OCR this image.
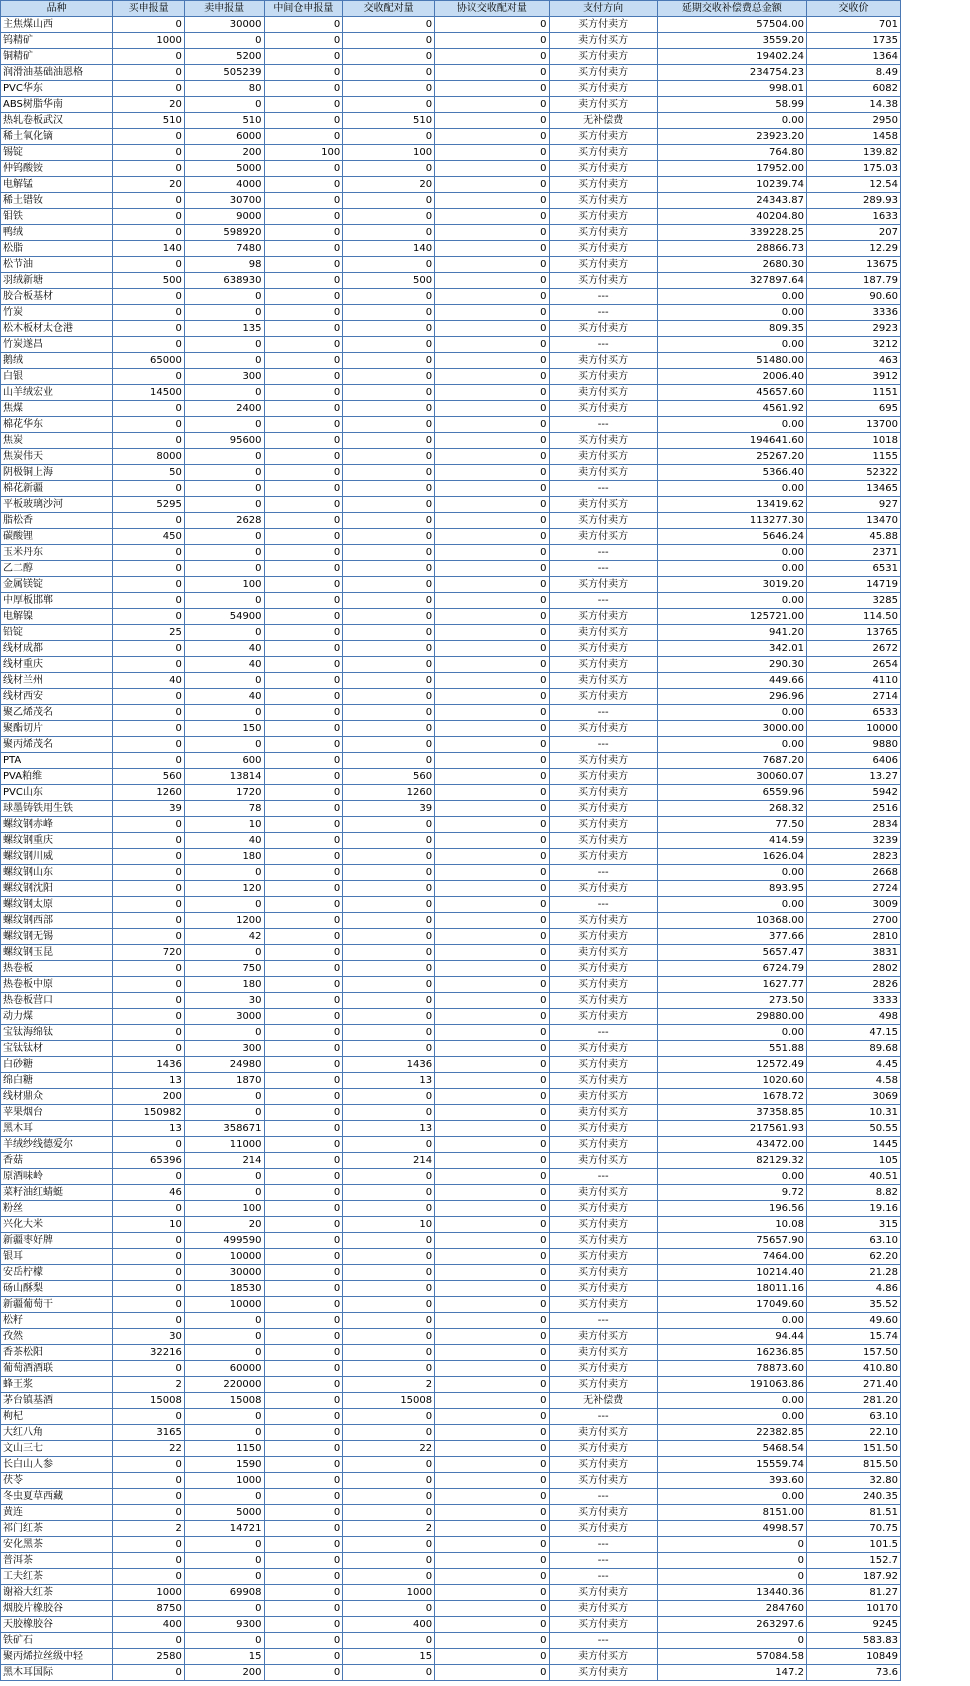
品种	买申报量	卖申报量	中间仓申报量	交收配对量	协议交收配对量	支付方向	延期交收补偿费总金额	交收价
主焦煤山西	0	30000	0	0	0	买方付卖方	57504.00	701
钨精矿	1000	0	0	0	0	卖方付买方	3559.20	1735
铜精矿	0	5200	0	0	0	买方付卖方	19402.24	1364
润滑油基础油恩格	0	505239	0	0	0	买方付卖方	234754.23	8.49
PVC华东	0	80	0	0	0	买方付卖方	998.01	6082
ABS树脂华南	20	0	0	0	0	卖方付买方	58.99	14.38
热轧卷板武汉	510	510	0	510	0	无补偿费	0.00	2950
稀土氧化镝	0	6000	0	0	0	买方付卖方	23923.20	1458
锡锭	0	200	100	100	0	买方付卖方	764.80	139.82
仲钨酸铵	0	5000	0	0	0	买方付卖方	17952.00	175.03
电解锰	20	4000	0	20	0	买方付卖方	10239.74	12.54
稀土镨钕	0	30700	0	0	0	买方付卖方	24343.87	289.93
钼铁	0	9000	0	0	0	买方付卖方	40204.80	1633
鸭绒	0	598920	0	0	0	买方付卖方	339228.25	207
松脂	140	7480	0	140	0	买方付卖方	28866.73	12.29
松节油	0	98	0	0	0	买方付卖方	2680.30	13675
羽绒新塘	500	638930	0	500	0	买方付卖方	327897.64	187.79
胶合板基材	0	0	0	0	0	---	0.00	90.60
竹炭	0	0	0	0	0	---	0.00	3336
松木板材太仓港	0	135	0	0	0	买方付卖方	809.35	2923
竹炭遂昌	0	0	0	0	0	---	0.00	3212
鹅绒	65000	0	0	0	0	卖方付买方	51480.00	463
白银	0	300	0	0	0	买方付卖方	2006.40	3912
山羊绒宏业	14500	0	0	0	0	卖方付买方	45657.60	1151
焦煤	0	2400	0	0	0	买方付卖方	4561.92	695
棉花华东	0	0	0	0	0	---	0.00	13700
焦炭	0	95600	0	0	0	买方付卖方	194641.60	1018
焦炭伟天	8000	0	0	0	0	卖方付买方	25267.20	1155
阴极铜上海	50	0	0	0	0	卖方付买方	5366.40	52322
棉花新疆	0	0	0	0	0	---	0.00	13465
平板玻璃沙河	5295	0	0	0	0	卖方付买方	13419.62	927
脂松香	0	2628	0	0	0	买方付卖方	113277.30	13470
碳酸锂	450	0	0	0	0	卖方付买方	5646.24	45.88
玉米丹东	0	0	0	0	0	---	0.00	2371
乙二醇	0	0	0	0	0	---	0.00	6531
金属镁锭	0	100	0	0	0	买方付卖方	3019.20	14719
中厚板邯郸	0	0	0	0	0	---	0.00	3285
电解镍	0	54900	0	0	0	买方付卖方	125721.00	114.50
铅锭	25	0	0	0	0	卖方付买方	941.20	13765
线材成都	0	40	0	0	0	买方付卖方	342.01	2672
线材重庆	0	40	0	0	0	买方付卖方	290.30	2654
线材兰州	40	0	0	0	0	卖方付买方	449.66	4110
线材西安	0	40	0	0	0	买方付卖方	296.96	2714
聚乙烯茂名	0	0	0	0	0	---	0.00	6533
聚酯切片	0	150	0	0	0	买方付卖方	3000.00	10000
聚丙烯茂名	0	0	0	0	0	---	0.00	9880
PTA	0	600	0	0	0	买方付卖方	7687.20	6406
PVA粕维	560	13814	0	560	0	买方付卖方	30060.07	13.27
PVC山东	1260	1720	0	1260	0	买方付卖方	6559.96	5942
球墨铸铁用生铁	39	78	0	39	0	买方付卖方	268.32	2516
螺纹钢赤峰	0	10	0	0	0	买方付卖方	77.50	2834
螺纹钢重庆	0	40	0	0	0	买方付卖方	414.59	3239
螺纹钢川威	0	180	0	0	0	买方付卖方	1626.04	2823
螺纹钢山东	0	0	0	0	0	---	0.00	2668
螺纹钢沈阳	0	120	0	0	0	买方付卖方	893.95	2724
螺纹钢太原	0	0	0	0	0	---	0.00	3009
螺纹钢西部	0	1200	0	0	0	买方付卖方	10368.00	2700
螺纹钢无锡	0	42	0	0	0	买方付卖方	377.66	2810
螺纹钢玉昆	720	0	0	0	0	卖方付买方	5657.47	3831
热卷板	0	750	0	0	0	买方付卖方	6724.79	2802
热卷板中原	0	180	0	0	0	买方付卖方	1627.77	2826
热卷板营口	0	30	0	0	0	买方付卖方	273.50	3333
动力煤	0	3000	0	0	0	买方付卖方	29880.00	498
宝钛海绵钛	0	0	0	0	0	---	0.00	47.15
宝钛钛材	0	300	0	0	0	买方付卖方	551.88	89.68
白砂糖	1436	24980	0	1436	0	买方付卖方	12572.49	4.45
绵白糖	13	1870	0	13	0	买方付卖方	1020.60	4.58
线材鼎众	200	0	0	0	0	卖方付买方	1678.72	3069
苹果烟台	150982	0	0	0	0	卖方付买方	37358.85	10.31
黑木耳	13	358671	0	13	0	买方付卖方	217561.93	50.55
羊绒纱线德爱尔	0	11000	0	0	0	买方付卖方	43472.00	1445
香菇	65396	214	0	214	0	卖方付买方	82129.32	105
原酒味岭	0	0	0	0	0	---	0.00	40.51
菜籽油红蜻蜓	46	0	0	0	0	卖方付买方	9.72	8.82
粉丝	0	100	0	0	0	买方付卖方	196.56	19.16
兴化大米	10	20	0	10	0	买方付卖方	10.08	315
新疆枣好牌	0	499590	0	0	0	买方付卖方	75657.90	63.10
银耳	0	10000	0	0	0	买方付卖方	7464.00	62.20
安岳柠檬	0	30000	0	0	0	买方付卖方	10214.40	21.28
砀山酥梨	0	18530	0	0	0	买方付卖方	18011.16	4.86
新疆葡萄干	0	10000	0	0	0	买方付卖方	17049.60	35.52
松籽	0	0	0	0	0	---	0.00	49.60
孜然	30	0	0	0	0	卖方付买方	94.44	15.74
香茶松阳	32216	0	0	0	0	卖方付买方	16236.85	157.50
葡萄酒酒联	0	60000	0	0	0	买方付卖方	78873.60	410.80
蜂王浆	2	220000	0	2	0	买方付卖方	191063.86	271.40
茅台镇基酒	15008	15008	0	15008	0	无补偿费	0.00	281.20
枸杞	0	0	0	0	0	---	0.00	63.10
大红八角	3165	0	0	0	0	卖方付买方	22382.85	22.10
文山三七	22	1150	0	22	0	买方付卖方	5468.54	151.50
长白山人参	0	1590	0	0	0	买方付卖方	15559.74	815.50
茯苓	0	1000	0	0	0	买方付卖方	393.60	32.80
冬虫夏草西藏	0	0	0	0	0	---	0.00	240.35
黄连	0	5000	0	0	0	买方付卖方	8151.00	81.51
祁门红茶	2	14721	0	2	0	买方付卖方	4998.57	70.75
安化黑茶	0	0	0	0	0	---	0	101.5
普洱茶	0	0	0	0	0	---	0	152.7
工夫红茶	0	0	0	0	0	---	0	187.92
谢裕大红茶	1000	69908	0	1000	0	买方付卖方	13440.36	81.27
烟胶片橡胶谷	8750	0	0	0	0	卖方付买方	284760	10170
天胶橡胶谷	400	9300	0	400	0	买方付卖方	263297.6	9245
铁矿石	0	0	0	0	0	---	0	583.83
聚丙烯拉丝级中轻	2580	15	0	15	0	卖方付买方	57084.58	10849
黑木耳国际	0	200	0	0	0	买方付卖方	147.2	73.6
